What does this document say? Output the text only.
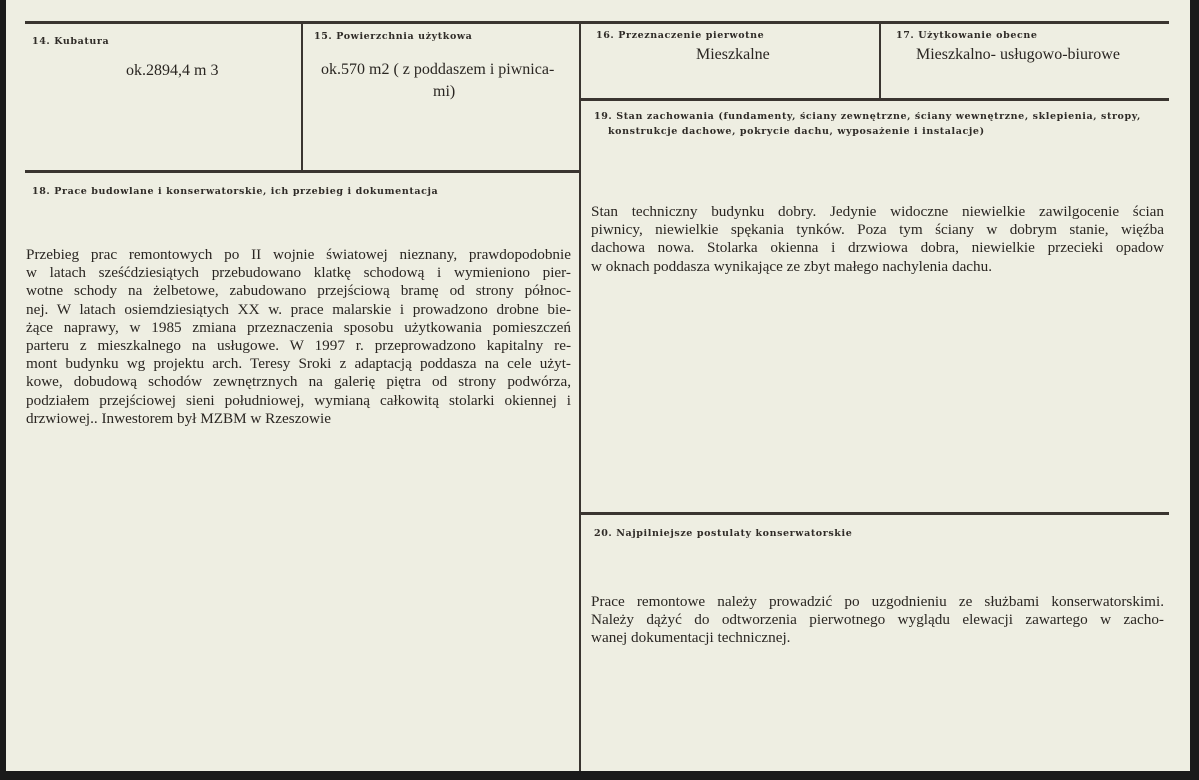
14. Kubatura
ok.2894,4 m 3
15. Powierzchnia użytkowa
ok.570 m2 ( z poddaszem i piwnica-
mi)
16. Przeznaczenie pierwotne
Mieszkalne
17. Użytkowanie obecne
Mieszkalno- usługowo-biurowe
18. Prace budowlane i konserwatorskie, ich przebieg i dokumentacja
Przebieg prac remontowych po II wojnie światowej nieznany, prawdopodobnie
w latach sześćdziesiątych przebudowano klatkę schodową i wymieniono pier-
wotne schody na żelbetowe, zabudowano przejściową bramę od strony północ-
nej. W latach osiemdziesiątych XX w. prace malarskie i prowadzono drobne bie-
żące naprawy, w 1985 zmiana przeznaczenia sposobu użytkowania pomieszczeń
parteru z mieszkalnego na usługowe. W 1997 r. przeprowadzono kapitalny re-
mont budynku wg projektu arch. Teresy Sroki z adaptacją poddasza na cele użyt-
kowe, dobudową schodów zewnętrznych na galerię piętra od strony podwórza,
podziałem przejściowej sieni południowej, wymianą całkowitą stolarki okiennej i
drzwiowej.. Inwestorem był MZBM w Rzeszowie
19. Stan zachowania (fundamenty, ściany zewnętrzne, ściany wewnętrzne, sklepienia, stropy,
konstrukcje dachowe, pokrycie dachu, wyposażenie i instalacje)
Stan techniczny budynku dobry. Jedynie widoczne niewielkie zawilgocenie ścian
piwnicy, niewielkie spękania tynków. Poza tym ściany w dobrym stanie, więźba
dachowa nowa. Stolarka okienna i drzwiowa dobra, niewielkie przecieki opadow
w oknach poddasza wynikające ze zbyt małego nachylenia dachu.
20. Najpilniejsze postulaty konserwatorskie
Prace remontowe należy prowadzić po uzgodnieniu ze służbami konserwatorskimi.
Należy dążyć do odtworzenia pierwotnego wyglądu elewacji zawartego w zacho-
wanej dokumentacji technicznej.
